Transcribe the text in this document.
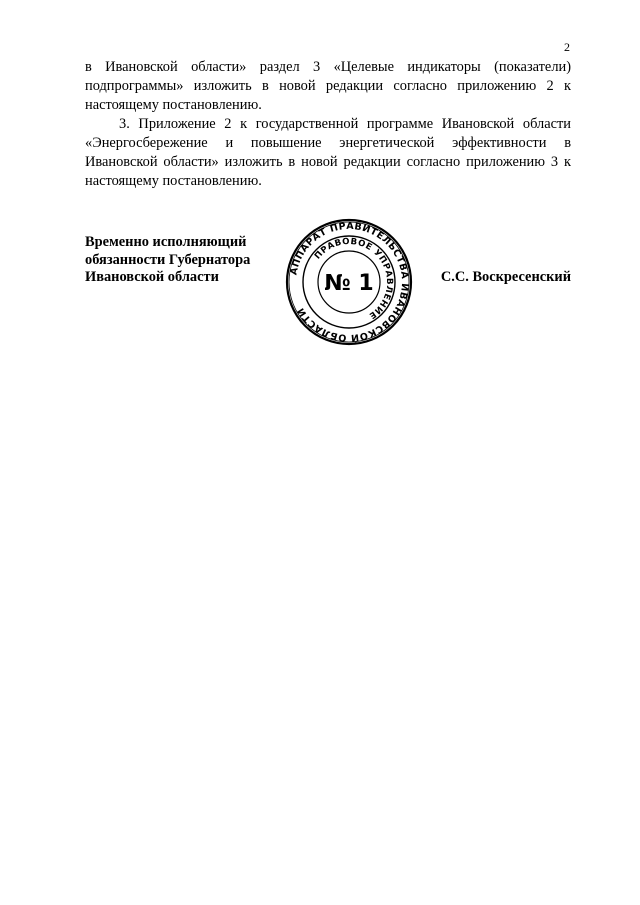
2

в Ивановской области» раздел 3 «Целевые индикаторы (показатели) подпрограммы» изложить в новой редакции согласно приложению 2 к настоящему постановлению.

3. Приложение 2 к государственной программе Ивановской области «Энергосбережение и повышение энергетической эффективности в Ивановской области» изложить в новой редакции согласно приложению 3 к настоящему постановлению.

Временно исполняющий
обязанности Губернатора
Ивановской области	АППАРАТ ПРАВИТЕЛЬСТВА ИВАНОВСКОЙ ОБЛАСТИ
ПРАВОВОЕ УПРАВЛЕНИЕ
№ 1	С.С. Воскресенский
